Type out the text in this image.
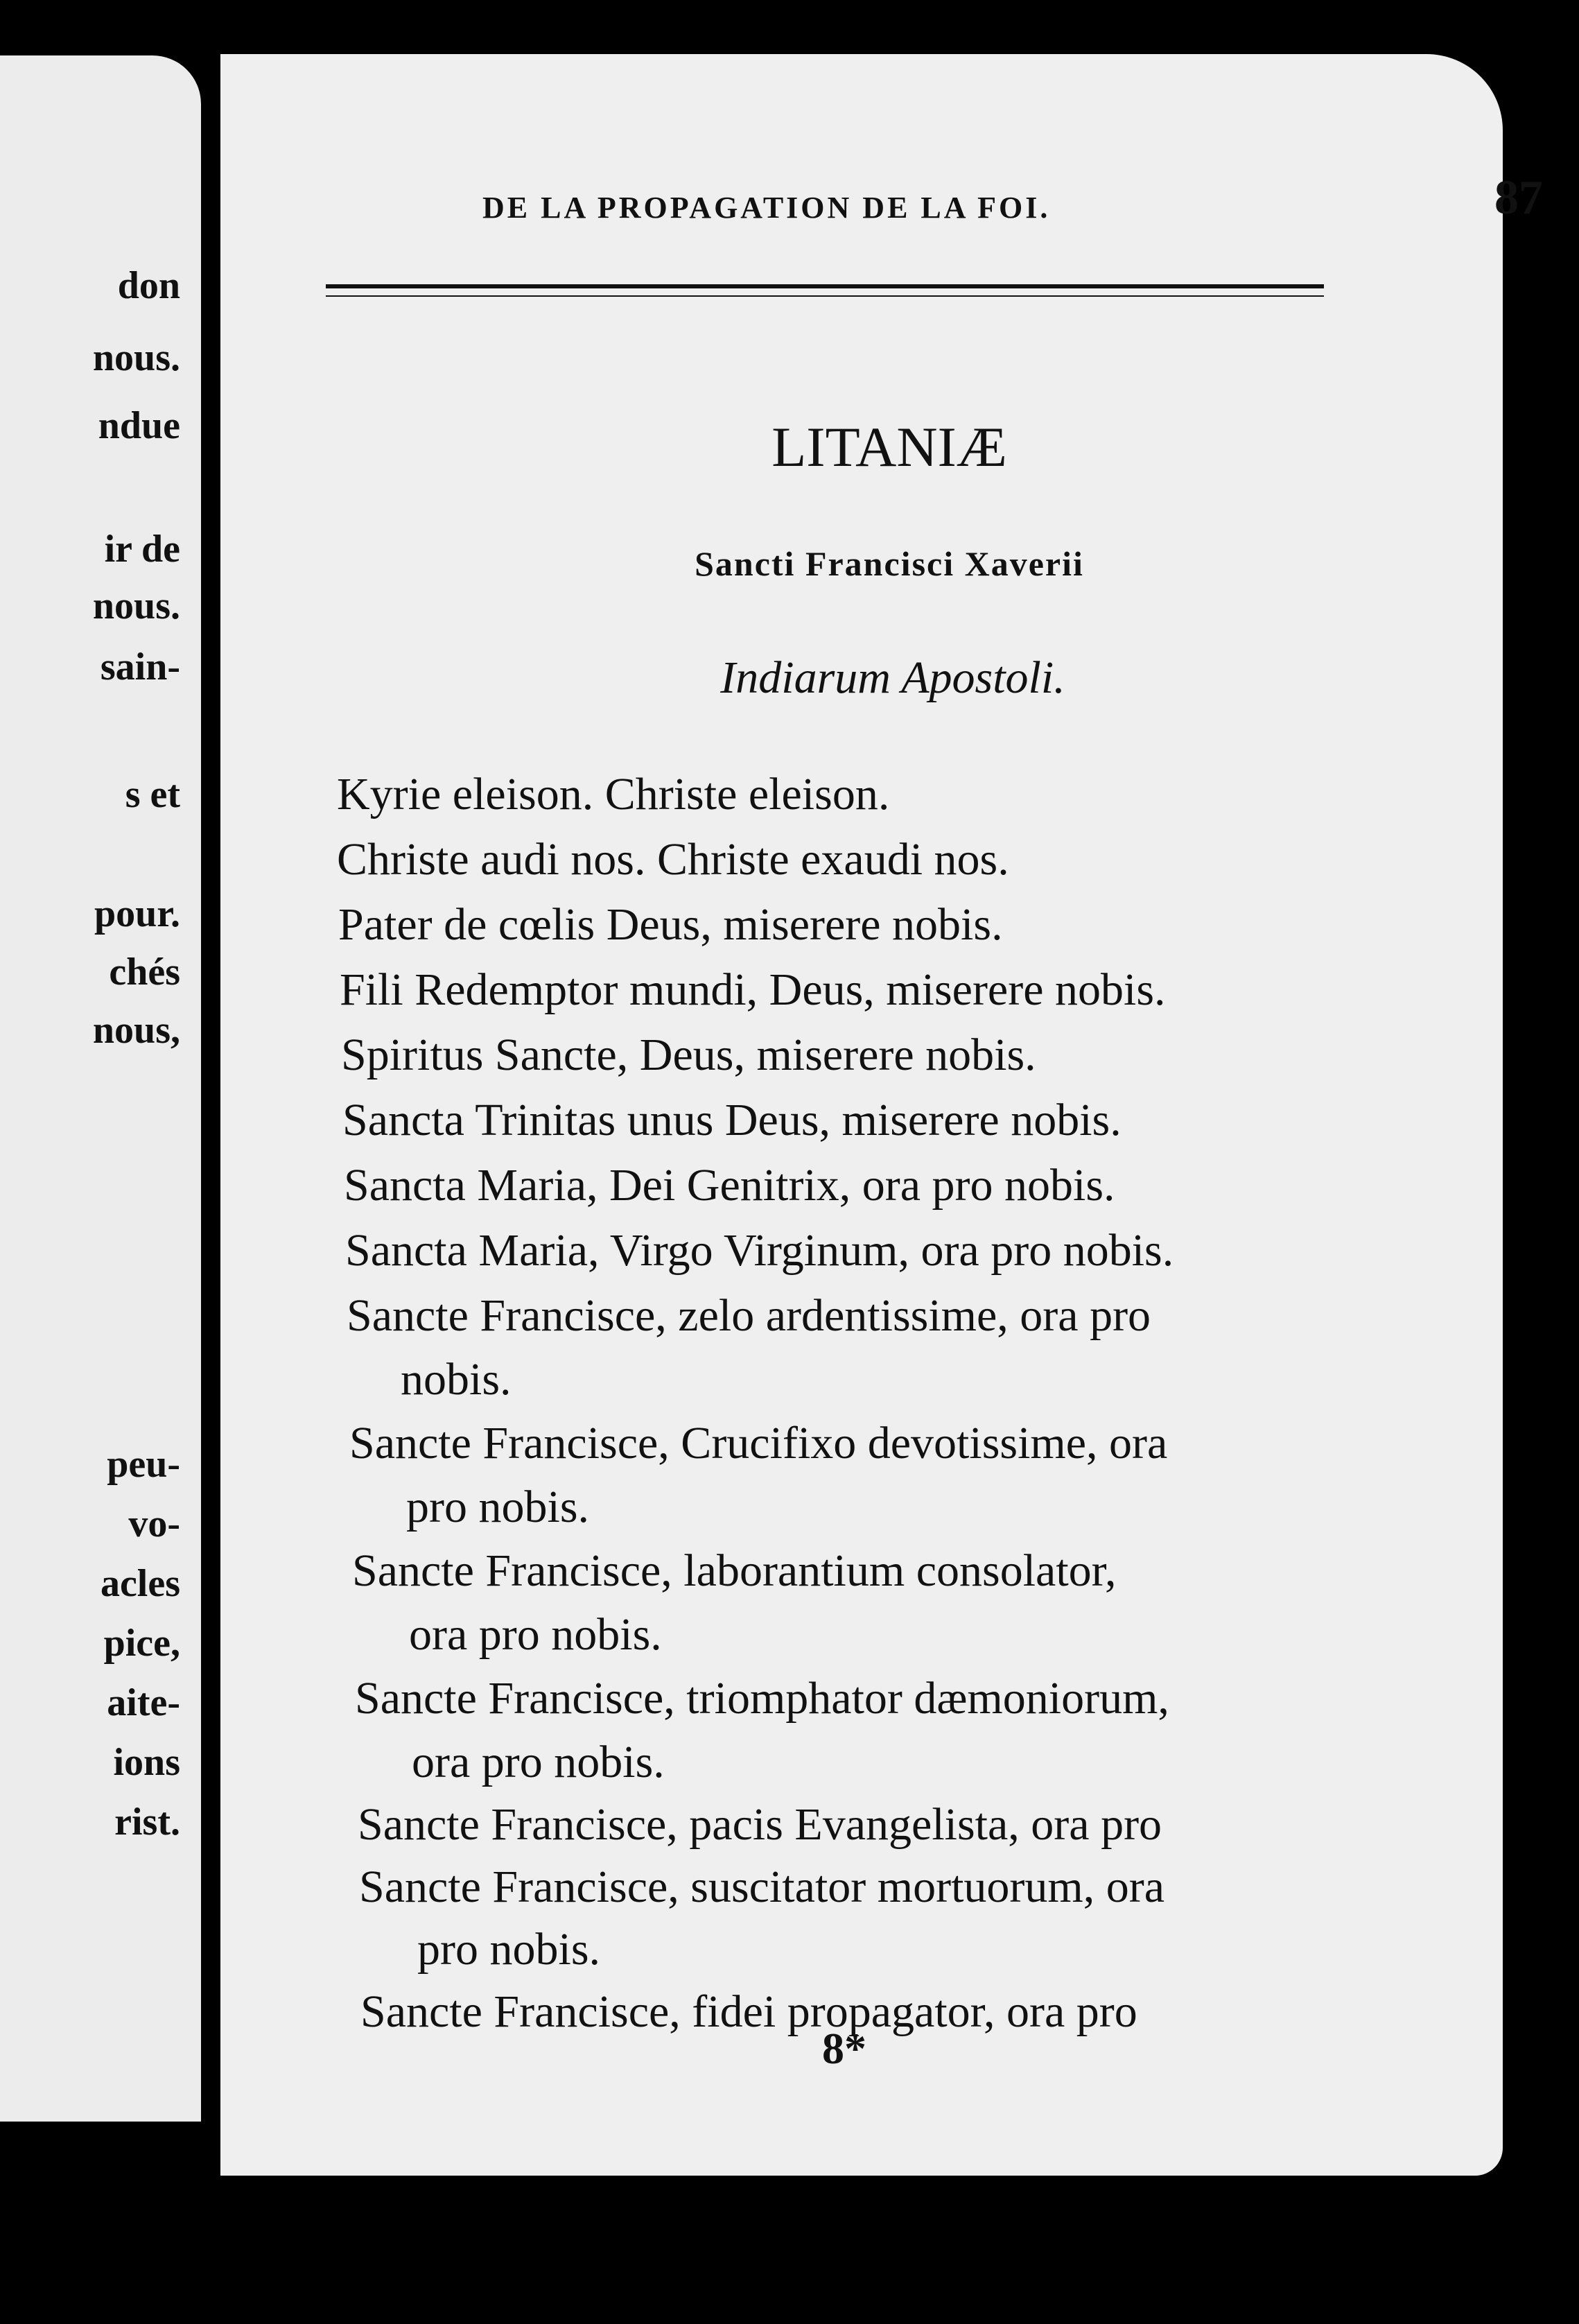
don
nous.
ndue
ir de
nous.
sain-
s et
pour.
chés
nous,
peu-
vo-
acles
pice,
aite-
ions
rist.
DE LA PROPAGATION DE LA FOI.	87
LITANIÆ
Sancti Francisci Xaverii
Indiarum Apostoli.
Kyrie eleison. Christe eleison.
Christe audi nos. Christe exaudi nos.
Pater de cœlis Deus, miserere nobis.
Fili Redemptor mundi, Deus, miserere nobis.
Spiritus Sancte, Deus, miserere nobis.
Sancta Trinitas unus Deus, miserere nobis.
Sancta Maria, Dei Genitrix, ora pro nobis.
Sancta Maria, Virgo Virginum, ora pro nobis.
Sancte Francisce, zelo ardentissime, ora pro
nobis.
Sancte Francisce, Crucifixo devotissime, ora
pro nobis.
Sancte Francisce, laborantium consolator,
ora pro nobis.
Sancte Francisce, triomphator dæmoniorum,
ora pro nobis.
Sancte Francisce, pacis Evangelista, ora pro
Sancte Francisce, suscitator mortuorum, ora
pro nobis.
Sancte Francisce, fidei propagator, ora pro
8*
